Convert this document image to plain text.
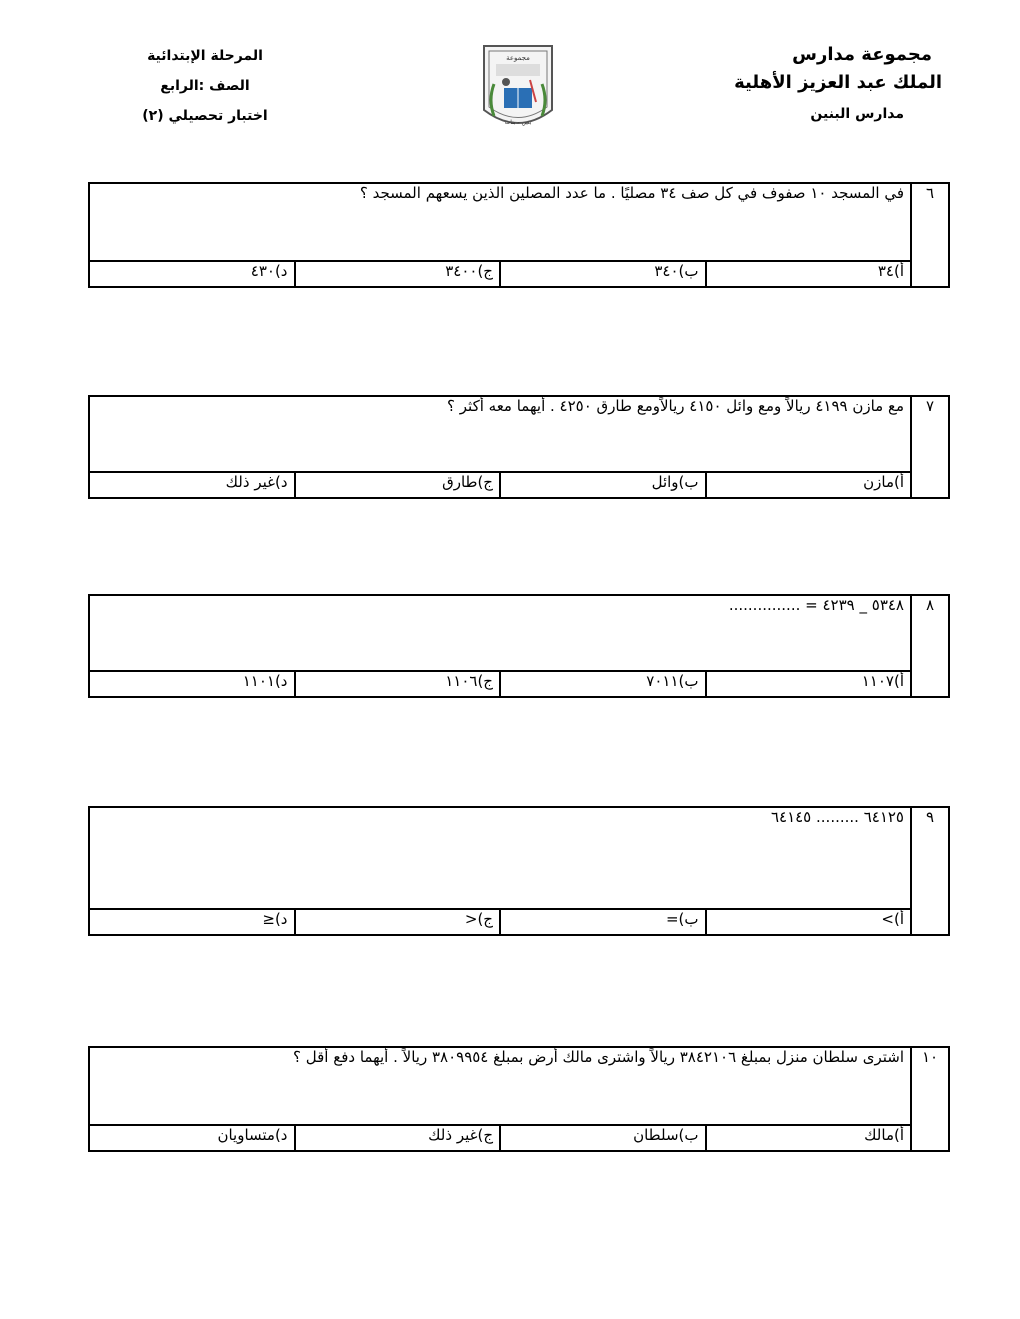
مجموعة مدارس
الملك عبد العزيز الأهلية
مدارس البنين
المرحلة الإبتدائية
الصف :الرابع
اختبار تحصيلي (٢)
مجموعة
بنين - بنات
٦	في المسجد ١٠ صفوف في كل صف ٣٤ مصليًا . ما عدد المصلين الذين يسعهم المسجد ؟			

	أ)٣٤	ب)٣٤٠	ج)٣٤٠٠	د)٤٣٠
٧	مع مازن ٤١٩٩ ريالاً ومع وائل ٤١٥٠ ريالاًومع طارق ٤٢٥٠ . أيهما معه أكثر ؟			

	أ)مازن	ب)وائل	ج)طارق	د)غير ذلك
٨	٥٣٤٨ _ ٤٢٣٩ = ...............			

	أ)١١٠٧	ب)٧٠١١	ج)١١٠٦	د)١١٠١
٩	٦٤١٢٥ ......... ٦٤١٤٥			

	أ)>	ب)=	ج)<	د)≤
١٠	اشترى سلطان منزل بمبلغ ٣٨٤٢١٠٦ ريالاً واشترى مالك أرض بمبلغ ٣٨٠٩٩٥٤ ريالاً . أيهما دفع أقل ؟			

	أ)مالك	ب)سلطان	ج)غير ذلك	د)متساويان
